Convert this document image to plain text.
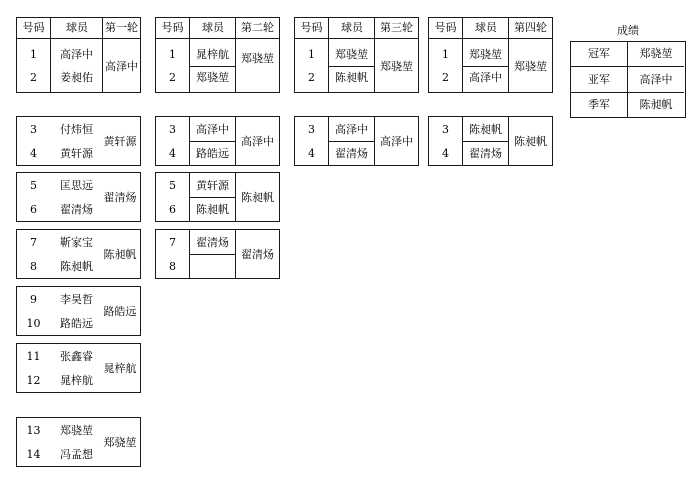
号码	球员	第一轮
1	高泽中
2	姜昶佑
高泽中
3	付炜恒
4	黄轩源
黄轩源
5	匡思远
6	翟清炀
翟清炀
7	靳家宝
8	陈昶帆
陈昶帆
9	李昊哲
10	路皓远
路皓远
11	张鑫睿
12	晁梓航
晁梓航
13	郑骁堃
14	冯孟想
郑骁堃
号码	球员	第二轮
1	晁梓航
2	郑骁堃
郑骁堃
3	高泽中
4	路皓远
高泽中
5	黄轩源
6	陈昶帆
陈昶帆
7	翟清炀
8
翟清炀
号码	球员	第三轮
1	郑骁堃
2	陈昶帆
郑骁堃
3	高泽中
4	翟清炀
高泽中
号码	球员	第四轮
1	郑骁堃
2	高泽中
郑骁堃
3	陈昶帆
4	翟清炀
陈昶帆
成绩
冠军	郑骁堃
亚军	高泽中
季军	陈昶帆
